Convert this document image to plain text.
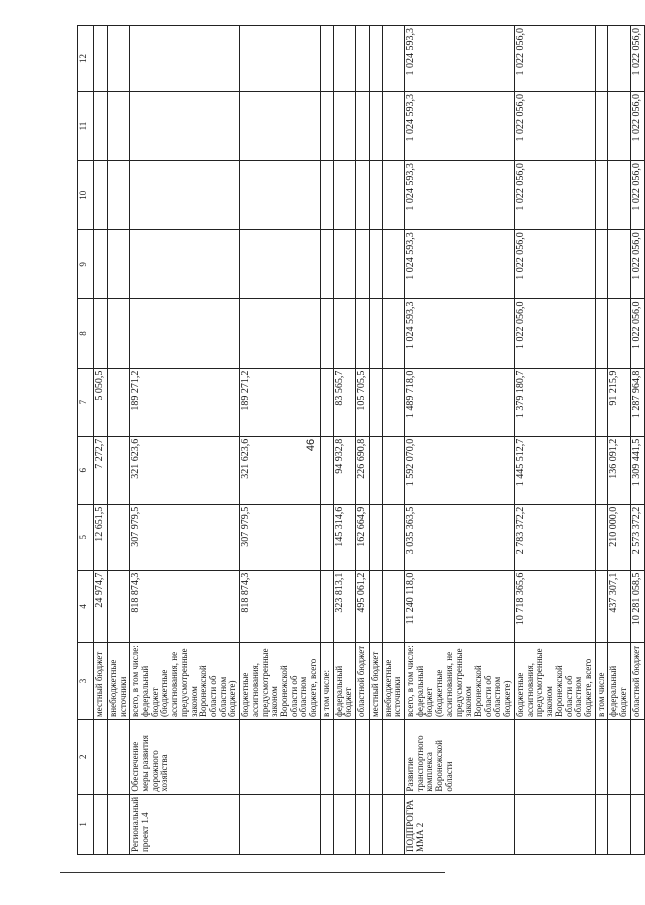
46
1	2	3	4	5	6	7	8	9	10	11	12
		местный бюджет	24 974,7	12 651,5	7 272,7	5 050,5					
		внебюджетные источники									
Региональный проект 1.4	Обеспечение меры развития дорожного хозяйства	всего, в том числе: федеральный бюджет (бюджетные ассигнования, не предусмотренные законом Воронежской области об областном бюджете)	818 874,3	307 979,5	321 623,6	189 271,2					
		бюджетные ассигнования, предусмотренные законом Воронежской области об областном бюджете, всего	818 874,3	307 979,5	321 623,6	189 271,2					
		в том числе:									
		федеральный бюджет	323 813,1	145 314,6	94 932,8	83 565,7					
		областной бюджет	495 061,2	162 664,9	226 690,8	105 705,5					
		местный бюджет									
		внебюджетные источники									
ПОДПРОГРАММА 2	Развитие транспортного комплекса Воронежской области	всего, в том числе: федеральный бюджет (бюджетные ассигнования, не предусмотренные законом Воронежской области об областном бюджете)	11 240 118,0	3 035 363,5	1 592 070,0	1 489 718,0	1 024 593,3	1 024 593,3	1 024 593,3	1 024 593,3	1 024 593,3
		бюджетные ассигнования, предусмотренные законом Воронежской области об областном бюджете, всего	10 718 365,6	2 783 372,2	1 445 512,7	1 379 180,7	1 022 056,0	1 022 056,0	1 022 056,0	1 022 056,0	1 022 056,0
		в том числе									
		федеральный бюджет	437 307,1	210 000,0	136 091,2	91 215,9					
		областной бюджет	10 281 058,5	2 573 372,2	1 309 441,5	1 287 964,8	1 022 056,0	1 022 056,0	1 022 056,0	1 022 056,0	1 022 056,0
